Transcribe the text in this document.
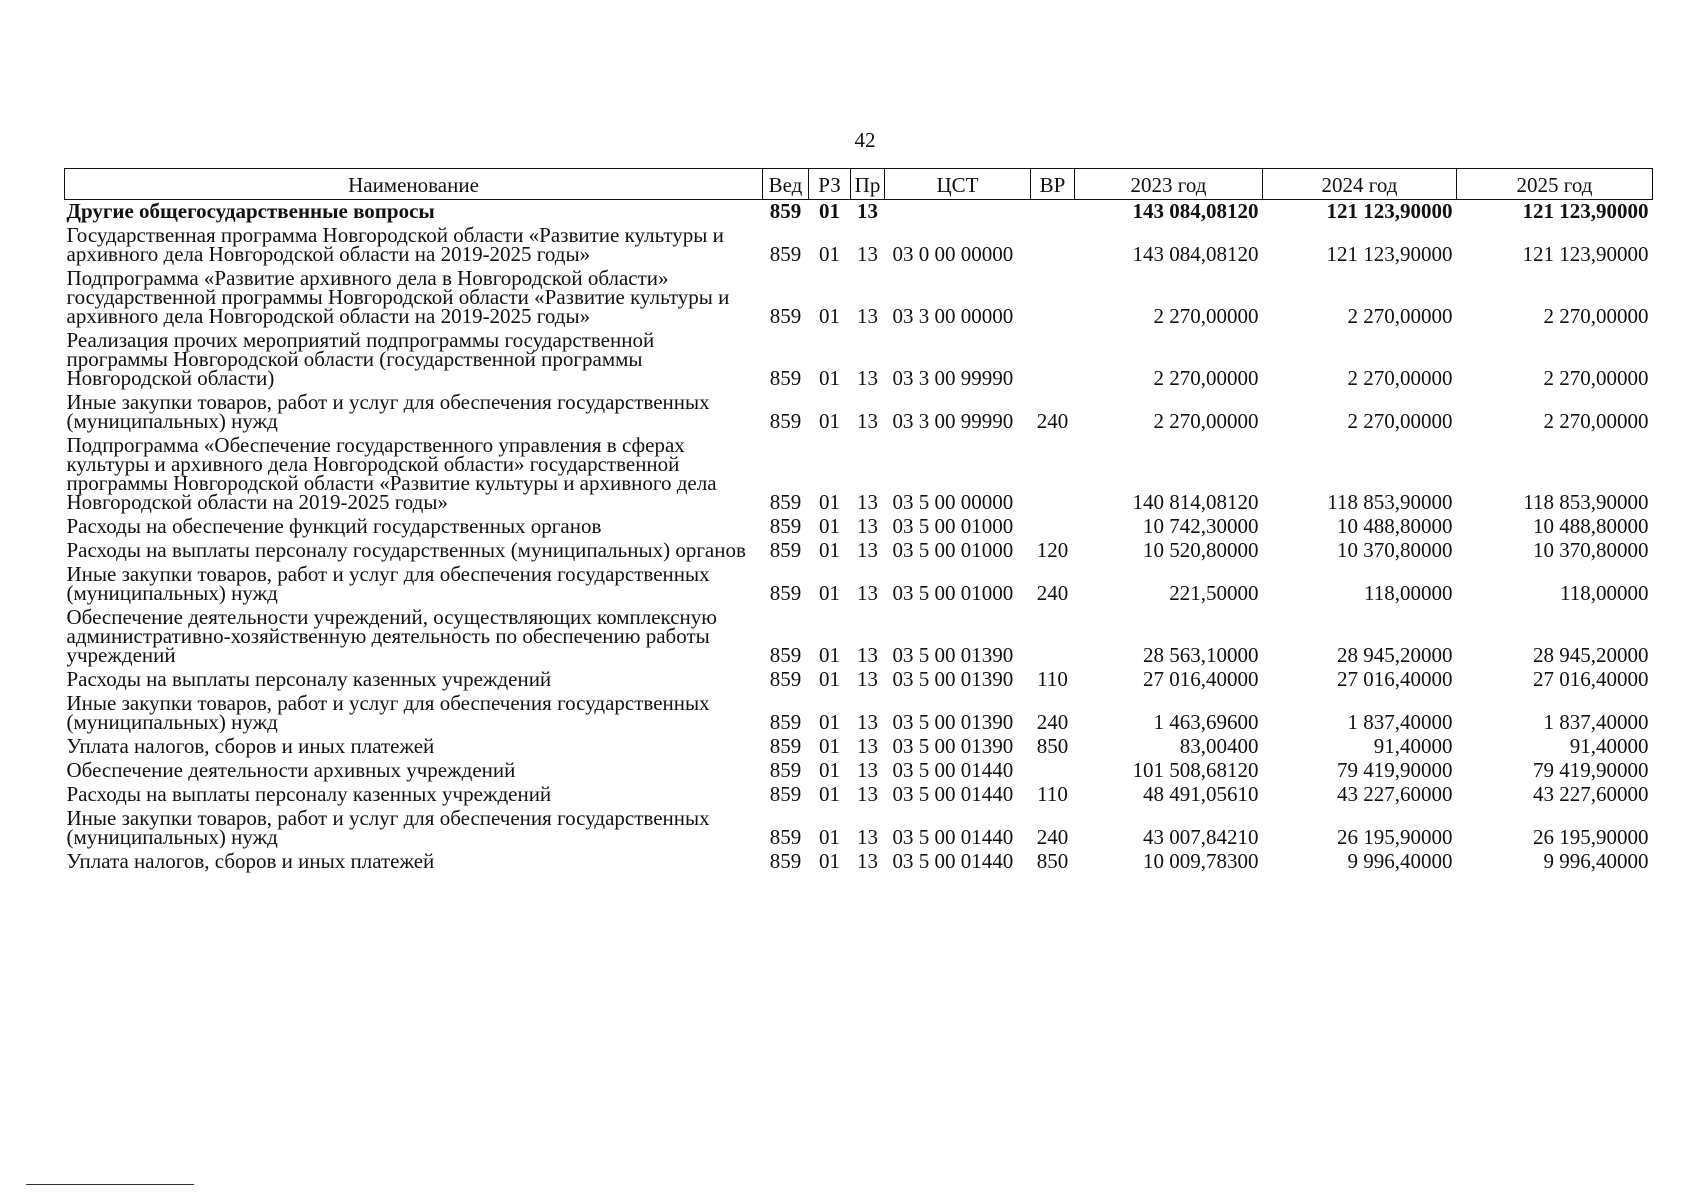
42
Наименование	Вед	РЗ	Пр	ЦСТ	ВР	2023 год	2024 год	2025 год
Другие общегосударственные вопросы	859	01	13			143 084,08120	121 123,90000	121 123,90000
Государственная программа Новгородской области «Развитие культуры и архивного дела Новгородской области на 2019-2025 годы»	859	01	13	03 0 00 00000		143 084,08120	121 123,90000	121 123,90000
Подпрограмма «Развитие архивного дела в Новгородской области» государственной программы Новгородской области «Развитие культуры и архивного дела Новгородской области на 2019-2025 годы»	859	01	13	03 3 00 00000		2 270,00000	2 270,00000	2 270,00000
Реализация прочих мероприятий подпрограммы государственной программы Новгородской области (государственной программы Новгородской области)	859	01	13	03 3 00 99990		2 270,00000	2 270,00000	2 270,00000
Иные закупки товаров, работ и услуг для обеспечения государственных (муниципальных) нужд	859	01	13	03 3 00 99990	240	2 270,00000	2 270,00000	2 270,00000
Подпрограмма «Обеспечение государственного управления в сферах культуры и архивного дела Новгородской области» государственной программы Новгородской области «Развитие культуры и архивного дела Новгородской области на 2019-2025 годы»	859	01	13	03 5 00 00000		140 814,08120	118 853,90000	118 853,90000
Расходы на обеспечение функций государственных органов	859	01	13	03 5 00 01000		10 742,30000	10 488,80000	10 488,80000
Расходы на выплаты персоналу государственных (муниципальных) органов	859	01	13	03 5 00 01000	120	10 520,80000	10 370,80000	10 370,80000
Иные закупки товаров, работ и услуг для обеспечения государственных (муниципальных) нужд	859	01	13	03 5 00 01000	240	221,50000	118,00000	118,00000
Обеспечение деятельности учреждений, осуществляющих комплексную административно-хозяйственную деятельность по обеспечению работы учреждений	859	01	13	03 5 00 01390		28 563,10000	28 945,20000	28 945,20000
Расходы на выплаты персоналу казенных учреждений	859	01	13	03 5 00 01390	110	27 016,40000	27 016,40000	27 016,40000
Иные закупки товаров, работ и услуг для обеспечения государственных (муниципальных) нужд	859	01	13	03 5 00 01390	240	1 463,69600	1 837,40000	1 837,40000
Уплата налогов, сборов и иных платежей	859	01	13	03 5 00 01390	850	83,00400	91,40000	91,40000
Обеспечение деятельности архивных учреждений	859	01	13	03 5 00 01440		101 508,68120	79 419,90000	79 419,90000
Расходы на выплаты персоналу казенных учреждений	859	01	13	03 5 00 01440	110	48 491,05610	43 227,60000	43 227,60000
Иные закупки товаров, работ и услуг для обеспечения государственных (муниципальных) нужд	859	01	13	03 5 00 01440	240	43 007,84210	26 195,90000	26 195,90000
Уплата налогов, сборов и иных платежей	859	01	13	03 5 00 01440	850	10 009,78300	9 996,40000	9 996,40000
